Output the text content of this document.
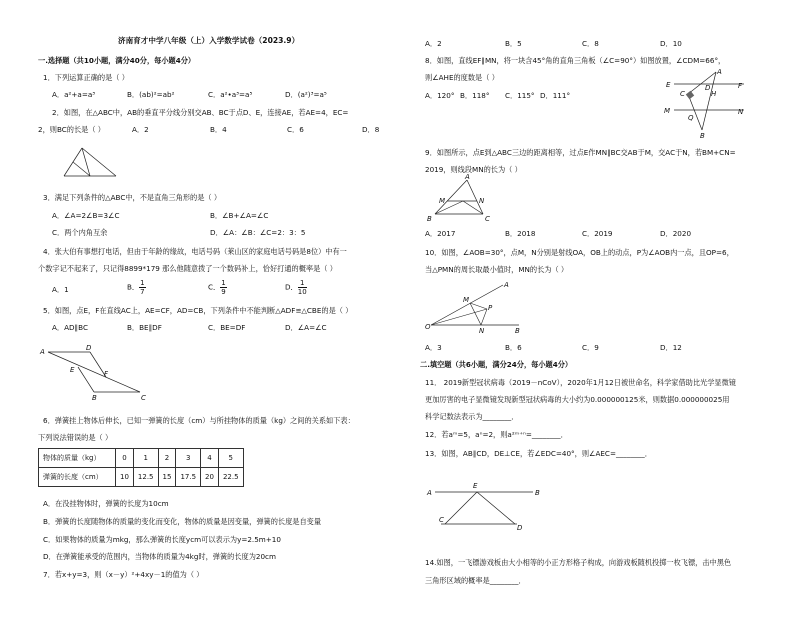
济南育才中学八年级（上）入学数学试卷（2023.9）
一.选择题（共10小题，满分40分，每小题4分）
1．下列运算正确的是（ ）
A．a²+a=a³	B．(ab)²=ab²	C．a²•a³=a⁵	D．(a²)³=a⁵
2．如图，在△ABC中，AB的垂直平分线分别交AB、BC于点D、E，连接AE，若AE=4，EC=
2，则BC的长是（ ）	A．2	B．4	C．6	D．8
3．满足下列条件的△ABC中，不是直角三角形的是（ ）
A．∠A=2∠B=3∠C	B．∠B+∠A=∠C
C．两个内角互余	D．∠A：∠B：∠C=2：3：5
4．张大伯有事想打电话，但由于年龄的缘故，电话号码（莱山区的家庭电话号码是8位）中有一
个数字记不起来了，只记得8899*179 那么他随意拨了一个数码补上，恰好打通的概率是（ ）
A．1	B． $\frac{1}{7}$	C． $\frac{1}{9}$	D． $\frac{1}{10}$
5．如图，点E，F在直线AC上，AE=CF，AD=CB，下列条件中不能判断△ADF≌△CBE的是（ ）
A．AD∥BC	B．BE∥DF	C．BE=DF	D．∠A=∠C
A	D
E	F
B	C
6．弹簧挂上物体后伸长，已知一弹簧的长度（cm）与所挂物体的质量（kg）之间的关系如下表：
下列说法错误的是（ ）
物体的质量（kg）	0	1	2	3	4	5
弹簧的长度（cm）	10	12.5	15	17.5	20	22.5
A．在没挂物体时，弹簧的长度为10cm
B．弹簧的长度随物体的质量的变化而变化，物体的质量是因变量，弹簧的长度是自变量
C．如果物体的质量为mkg，那么弹簧的长度ycm可以表示为y=2.5m+10
D．在弹簧能承受的范围内，当物体的质量为4kg时，弹簧的长度为20cm
7．若x+y=3，则（x－y）²+4xy－1的值为（ ）
A．2	B．5	C．8	D．10
8．如图，直线EF∥MN，将一块含45°角的直角三角板（∠C=90°）如图放置，∠CDM=66°，
则∠AHE的度数是（ ）
A．120° B．118° C．115° D．111°
A
E	F
C
D
H
M	N
Q
B
9．如图所示，点E到△ABC三边的距离相等，过点E作MN∥BC交AB于M，交AC于N，若BM+CN=
2019，则线段MN的长为（ ）
A
M	N
B	C
A．2017	B．2018	C．2019	D．2020
10．如图，∠AOB=30°，点M，N分别是射线OA，OB上的动点，P为∠AOB内一点，且OP=6，
当△PMN的周长取最小值时，MN的长为（ ）
O
A
B
M
P
N
A．3	B．6	C．9	D．12
二.填空题（共6小题，满分24分，每小题4分）
11． 2019新型冠状病毒（2019－nCoV），2020年1月12日被世命名，科学家借助比光学显微镜
更加厉害的电子显微镜发现新型冠状病毒的大小约为0.000000125米，则数据0.000000025用
科学记数法表示为________．
12．若aᵐ=5，aⁿ=2，则a²ᵐ⁺ⁿ=________．
13．如图，AB∥CD，DE⊥CE，若∠EDC=40°，则∠AEC=________．
A
E
B
C
D
14.如图，一飞镖游戏板由大小相等的小正方形格子构成，向游戏板随机投掷一枚飞镖，击中黑色
三角形区域的概率是________．
